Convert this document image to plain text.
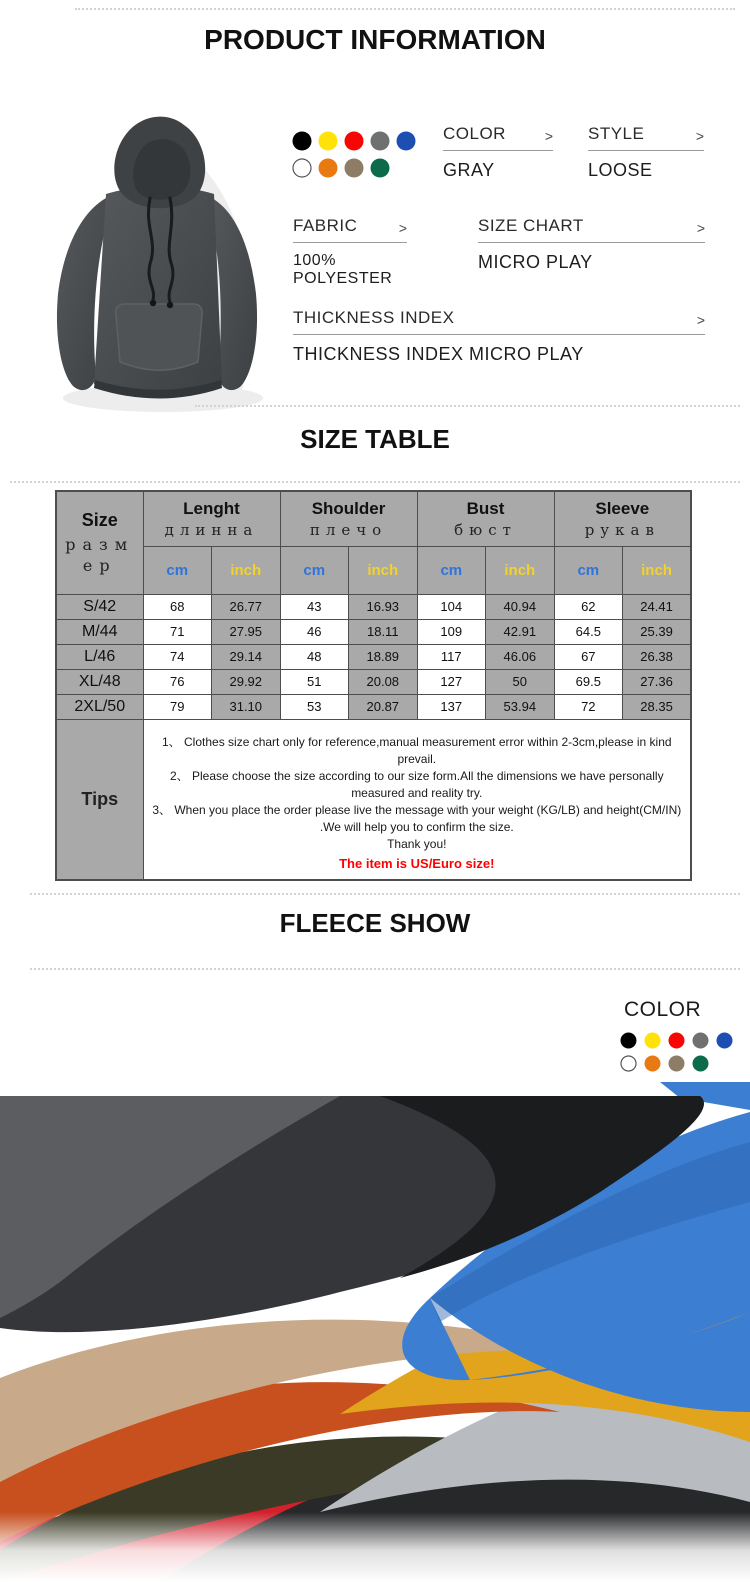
PRODUCT INFORMATION
COLOR	>
GRAY
STYLE	>
LOOSE
FABRIC	>
100% POLYESTER
SIZE CHART	>
MICRO PLAY
THICKNESS INDEX	>
THICKNESS INDEX MICRO PLAY
SIZE TABLE
Size
размер

Lenght
длинна

Shoulder
плечо

Bust
бюст

Sleeve
рукав

	cm	inch	cm	inch	cm	inch	cm	inch
S/42	68	26.77	43	16.93	104	40.94	62	24.41
M/44	71	27.95	46	18.11	109	42.91	64.5	25.39
L/46	74	29.14	48	18.89	117	46.06	67	26.38
XL/48	76	29.92	51	20.08	127	50	69.5	27.36
2XL/50	79	31.10	53	20.87	137	53.94	72	28.35
Tips	1、 Clothes size chart only for reference,manual measurement error within 2-3cm,please in kind prevail.
2、 Please choose the size according to our size form.All the dimensions we have personally measured and reality try.
3、 When you place the order please live the message with your weight (KG/LB) and height(CM/IN) .We will help you to confirm the size.
Thank you!
The item is US/Euro size!							
FLEECE SHOW
COLOR
